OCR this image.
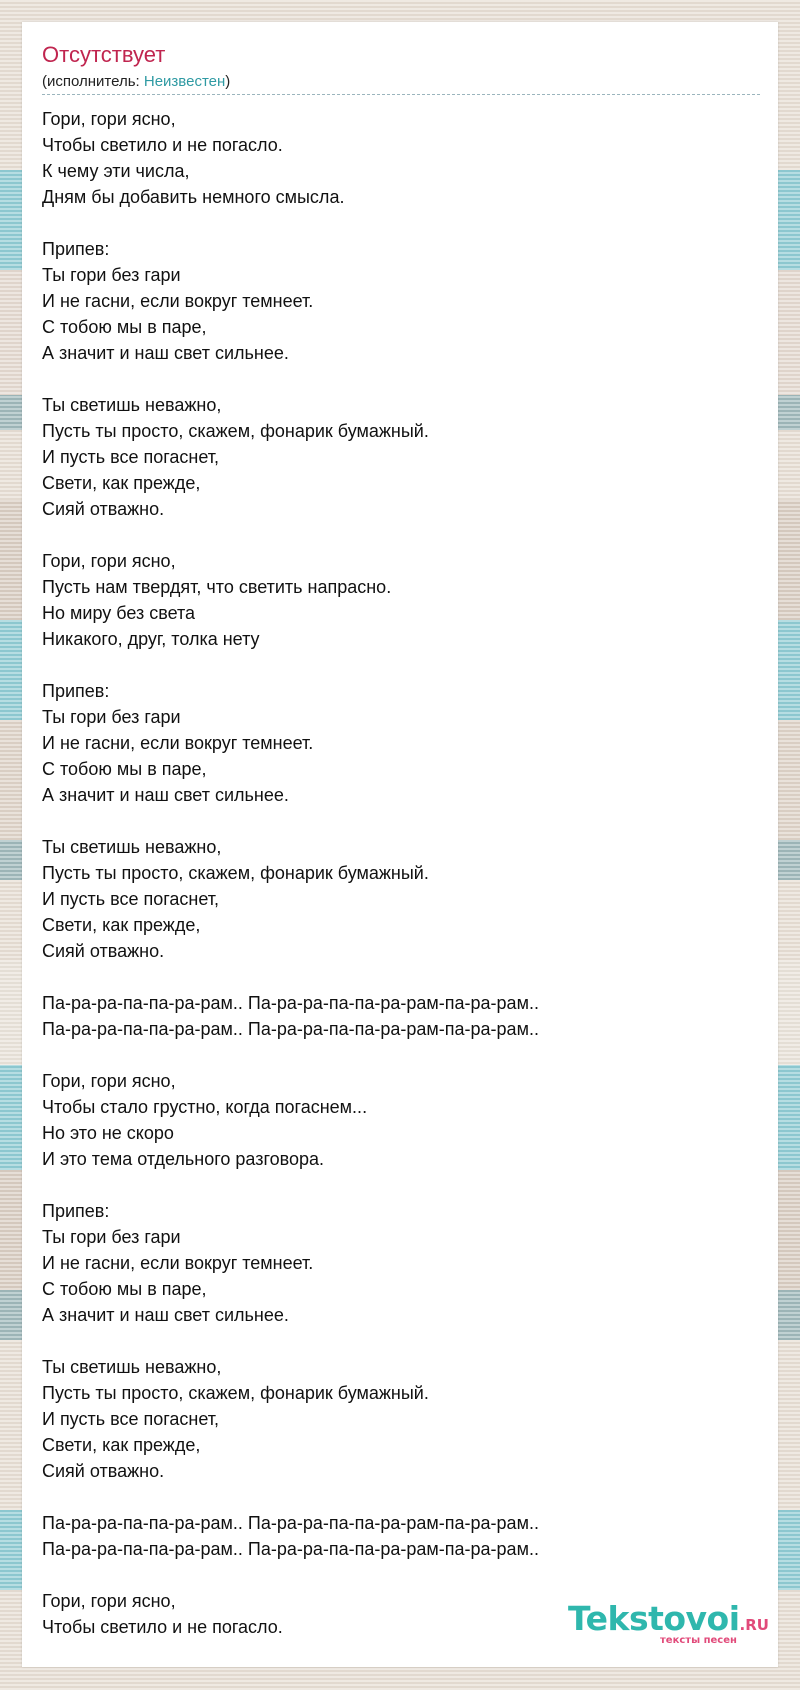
Отсутствует
(исполнитель: Неизвестен)
Гори, гори ясно,
Чтобы светило и не погасло.
К чему эти числа,
Дням бы добавить немного смысла.
Припев:
Ты гори без гари
И не гасни, если вокруг темнеет.
С тобою мы в паре,
А значит и наш свет сильнее.
Ты светишь неважно,
Пусть ты просто, скажем, фонарик бумажный.
И пусть все погаснет,
Свети, как прежде,
Сияй отважно.
Гори, гори ясно,
Пусть нам твердят, что светить напрасно.
Но миру без света
Никакого, друг, толка нету
Припев:
Ты гори без гари
И не гасни, если вокруг темнеет.
С тобою мы в паре,
А значит и наш свет сильнее.
Ты светишь неважно,
Пусть ты просто, скажем, фонарик бумажный.
И пусть все погаснет,
Свети, как прежде,
Сияй отважно.
Па-ра-ра-па-па-ра-рам.. Па-ра-ра-па-па-ра-рам-па-ра-рам..
Па-ра-ра-па-па-ра-рам.. Па-ра-ра-па-па-ра-рам-па-ра-рам..
Гори, гори ясно,
Чтобы стало грустно, когда погаснем...
Но это не скоро
И это тема отдельного разговора.
Припев:
Ты гори без гари
И не гасни, если вокруг темнеет.
С тобою мы в паре,
А значит и наш свет сильнее.
Ты светишь неважно,
Пусть ты просто, скажем, фонарик бумажный.
И пусть все погаснет,
Свети, как прежде,
Сияй отважно.
Па-ра-ра-па-па-ра-рам.. Па-ра-ра-па-па-ра-рам-па-ра-рам..
Па-ра-ра-па-па-ра-рам.. Па-ра-ра-па-па-ра-рам-па-ра-рам..
Гори, гори ясно,
Чтобы светило и не погасло.	Tekstovoi.RU
тексты песен
